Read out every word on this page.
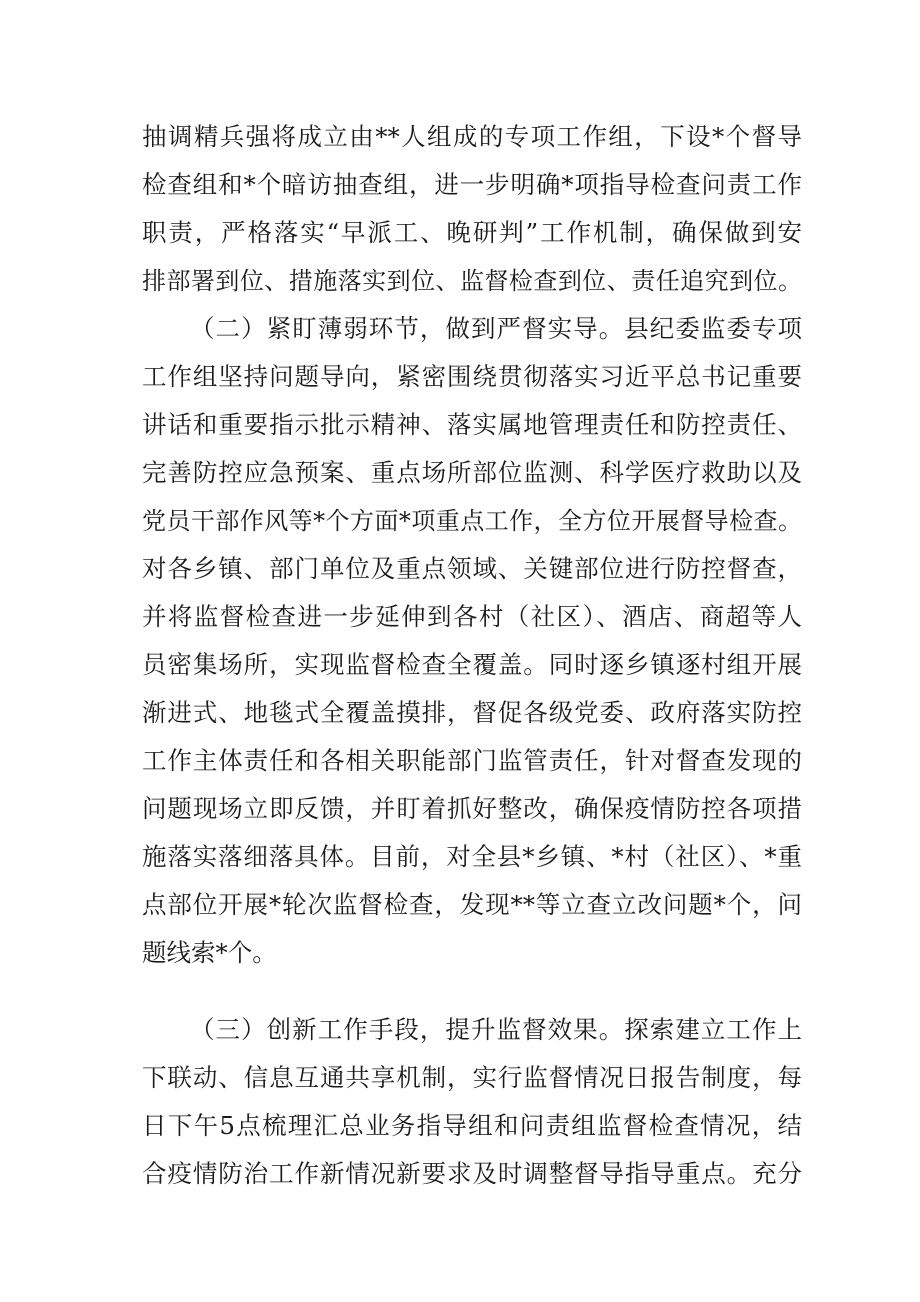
抽调精兵强将成立由**人组成的专项工作组，下设*个督导
检查组和*个暗访抽查组，进一步明确*项指导检查问责工作
职责，严格落实“早派工、晚研判”工作机制，确保做到安
排部署到位、措施落实到位、监督检查到位、责任追究到位。
（二）紧盯薄弱环节，做到严督实导。县纪委监委专项
工作组坚持问题导向，紧密围绕贯彻落实习近平总书记重要
讲话和重要指示批示精神、落实属地管理责任和防控责任、
完善防控应急预案、重点场所部位监测、科学医疗救助以及
党员干部作风等*个方面*项重点工作，全方位开展督导检查。
对各乡镇、部门单位及重点领域、关键部位进行防控督查，
并将监督检查进一步延伸到各村（社区）、酒店、商超等人
员密集场所，实现监督检查全覆盖。同时逐乡镇逐村组开展
渐进式、地毯式全覆盖摸排，督促各级党委、政府落实防控
工作主体责任和各相关职能部门监管责任，针对督查发现的
问题现场立即反馈，并盯着抓好整改，确保疫情防控各项措
施落实落细落具体。目前，对全县*乡镇、*村（社区）、*重
点部位开展*轮次监督检查，发现**等立查立改问题*个，问
题线索*个。
（三）创新工作手段，提升监督效果。探索建立工作上
下联动、信息互通共享机制，实行监督情况日报告制度，每
日下午5点梳理汇总业务指导组和问责组监督检查情况，结
合疫情防治工作新情况新要求及时调整督导指导重点。充分
